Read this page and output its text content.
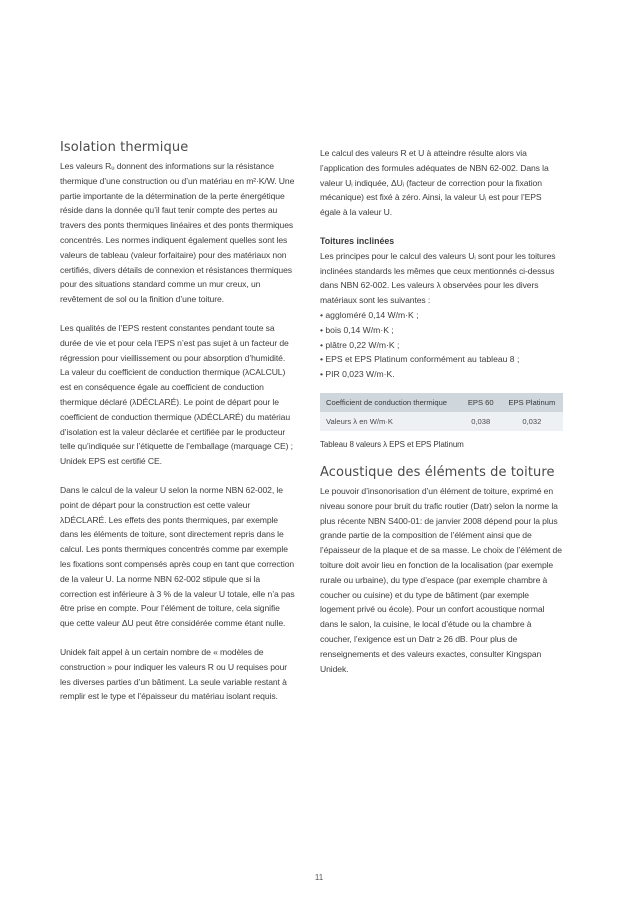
Isolation thermique

Les valeurs Rᵤ donnent des informations sur la résistance thermique d’une construction ou d’un matériau en m²·K/W. Une partie importante de la détermination de la perte énergétique réside dans la donnée qu’il faut tenir compte des pertes au travers des ponts thermiques linéaires et des ponts thermiques concentrés. Les normes indiquent également quelles sont les valeurs de tableau (valeur forfaitaire) pour des matériaux non certifiés, divers détails de connexion et résistances thermiques pour des situations standard comme un mur creux, un revêtement de sol ou la finition d’une toiture.

Les qualités de l’EPS restent constantes pendant toute sa durée de vie et pour cela l’EPS n’est pas sujet à un facteur de régression pour vieillissement ou pour absorption d’humidité. La valeur du coefficient de conduction thermique (λCALCUL) est en conséquence égale au coefficient de conduction thermique déclaré (λDÉCLARÉ). Le point de départ pour le coefficient de conduction thermique (λDÉCLARÉ) du matériau d’isolation est la valeur déclarée et certifiée par le producteur telle qu’indiquée sur l’étiquette de l’emballage (marquage CE) ; Unidek EPS est certifié CE.

Dans le calcul de la valeur U selon la norme NBN 62-002, le point de départ pour la construction est cette valeur λDÉCLARÉ. Les effets des ponts thermiques, par exemple dans les éléments de toiture, sont directement repris dans le calcul. Les ponts thermiques concentrés comme par exemple les fixations sont compensés après coup en tant que correction de la valeur U. La norme NBN 62-002 stipule que si la correction est inférieure à 3 % de la valeur U totale, elle n’a pas être prise en compte. Pour l’élément de toiture, cela signifie que cette valeur ΔU peut être considérée comme étant nulle.

Unidek fait appel à un certain nombre de « modèles de construction » pour indiquer les valeurs R ou U requises pour les diverses parties d’un bâtiment. La seule variable restant à remplir est le type et l’épaisseur du matériau isolant requis.

Le calcul des valeurs R et U à atteindre résulte alors via l’application des formules adéquates de NBN 62-002. Dans la valeur Uᵢ indiquée, ΔUᵢ (facteur de correction pour la fixation mécanique) est fixé à zéro. Ainsi, la valeur Uᵢ est pour l’EPS égale à la valeur U.

Toitures inclinées

Les principes pour le calcul des valeurs Uᵢ sont pour les toitures inclinées standards les mêmes que ceux mentionnés ci-dessus dans NBN 62-002. Les valeurs λ observées pour les divers matériaux sont les suivantes :

• aggloméré 0,14 W/m·K ;
• bois 0,14 W/m·K ;
• plâtre 0,22 W/m·K ;
• EPS et EPS Platinum conformément au tableau 8 ;
• PIR 0,023 W/m·K.
Coefficient de conduction thermique	EPS 60	EPS Platinum
Valeurs λ en W/m·K	0,038	0,032

Tableau 8 valeurs λ EPS et EPS Platinum

Acoustique des éléments de toiture

Le pouvoir d’insonorisation d’un élément de toiture, exprimé en niveau sonore pour bruit du trafic routier (Datr) selon la norme la plus récente NBN S400-01: de janvier 2008 dépend pour la plus grande partie de la composition de l’élément ainsi que de l’épaisseur de la plaque et de sa masse. Le choix de l’élément de toiture doit avoir lieu en fonction de la localisation (par exemple rurale ou urbaine), du type d’espace (par exemple chambre à coucher ou cuisine) et du type de bâtiment (par exemple logement privé ou école). Pour un confort acoustique normal dans le salon, la cuisine, le local d’étude ou la chambre à coucher, l’exigence est un Datr ≥ 26 dB. Pour plus de renseignements et des valeurs exactes, consulter Kingspan Unidek.

11
